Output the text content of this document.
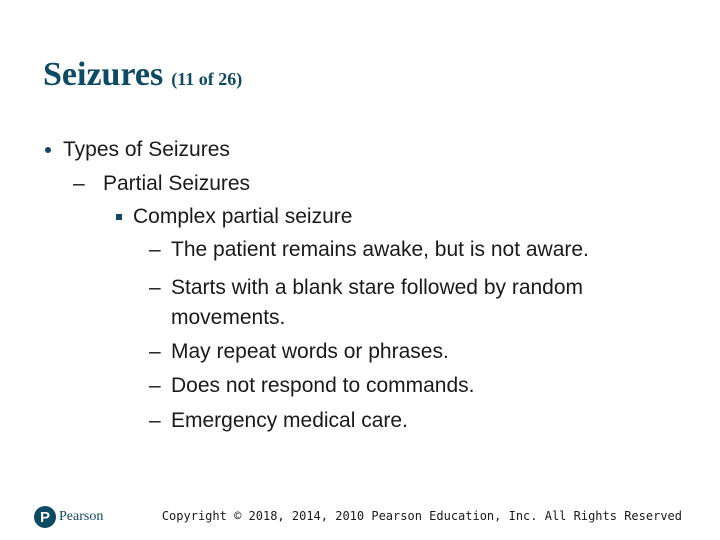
Seizures (11 of 26)
Types of Seizures
– Partial Seizures
Complex partial seizure
– The patient remains awake, but is not aware.
– Starts with a blank stare followed by random
movements.
– May repeat words or phrases.
– Does not respond to commands.
– Emergency medical care.
P Pearson	Copyright © 2018, 2014, 2010 Pearson Education, Inc. All Rights Reserved
